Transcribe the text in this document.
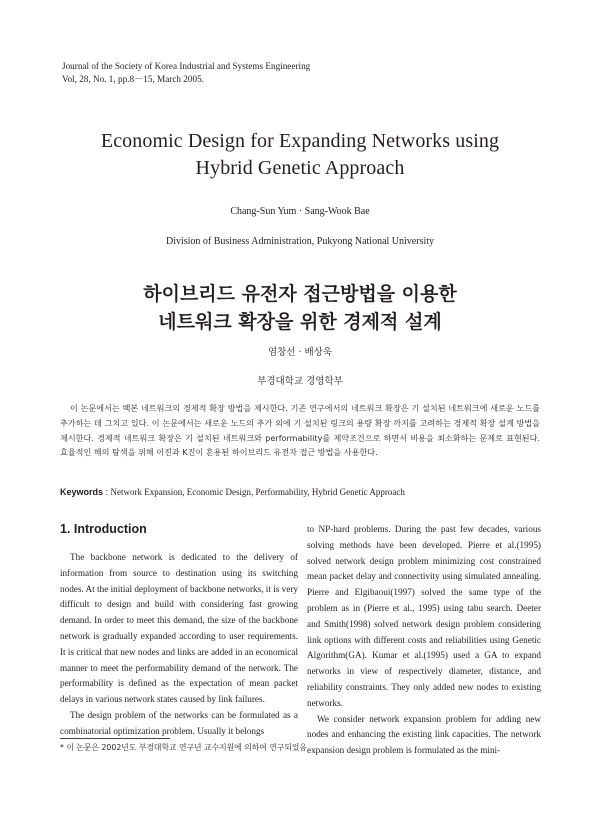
Journal of the Society of Korea Industrial and Systems Engineering
Vol, 28, No. 1, pp.8－15, March 2005.
Economic Design for Expanding Networks using
Hybrid Genetic Approach
Chang-Sun Yum · Sang-Wook Bae
Division of Business Administration, Pukyong National University
하이브리드 유전자 접근방법을 이용한
네트워크 확장을 위한 경제적 설계
염창선 · 배상욱
부경대학교 경영학부

이 논문에서는 백본 네트워크의 경제적 확장 방법을 제시한다. 기존 연구에서의 네트워크 확장은 기 설치된 네트워크에 새로운 노드를 추가하는 데 그치고 있다. 이 논문에서는 새로운 노드의 추가 외에 기 설치된 링크의 용량 확장 까지를 고려하는 경제적 확장 설계 방법을 제시한다. 경제적 네트워크 확장은 기 설치된 네트워크와 performability를 제약조건으로 하면서 비용을 최소화하는 문제로 표현된다. 효율적인 해의 탐색을 위해 이진과 K진이 혼용된 하이브리드 유전자 접근 방법을 사용한다.

Keywords : Network Expansion, Economic Design, Performability, Hybrid Genetic Approach
1. Introduction

The backbone network is dedicated to the delivery of information from source to destination using its switching nodes. At the initial deployment of backbone networks, it is very difficult to design and build with considering fast growing demand. In order to meet this demand, the size of the backbone network is gradually expanded according to user requirements. It is critical that new nodes and links are added in an economical manner to meet the performability demand of the network. The performability is defined as the expectation of mean packet delays in various network states caused by link failures.

The design problem of the networks can be formulated as a combinatorial optimization problem. Usually it belongs

to NP-hard problems. During the past few decades, various solving methods have been developed. Pierre et al.(1995) solved network design problem minimizing cost constrained mean packet delay and connectivity using simulated annealing. Pierre and Elgibaoui(1997) solved the same type of the problem as in (Pierre et al., 1995) using tabu search. Deeter and Smith(1998) solved network design problem considering link options with different costs and reliabilities using Genetic Algorithm(GA). Kumar et al.(1995) used a GA to expand networks in view of respectively diameter, distance, and reliability constraints. They only added new nodes to existing networks.

We consider network expansion problem for adding new nodes and enhancing the existing link capacities. The network expansion design problem is formulated as the mini-

* 이 논문은 2002년도 부경대학교 연구년 교수지원에 의하여 연구되었음
